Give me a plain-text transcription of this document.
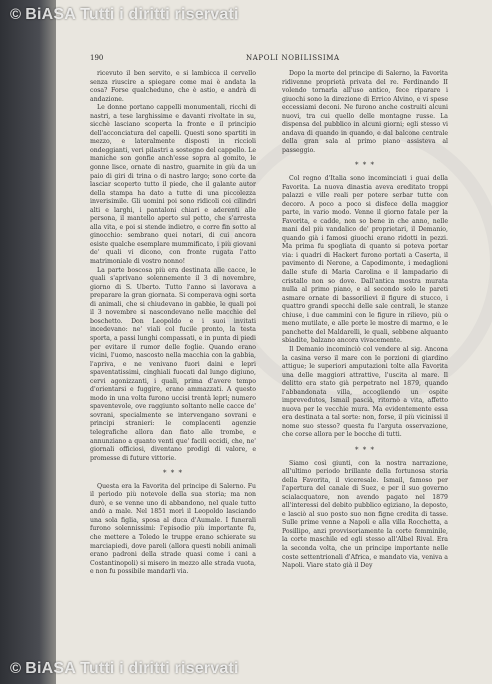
190	NAPOLI NOBILISSIMA

ricevuto il ben servito, e si lambicca il cervello senza riuscire a spiegare come mai è andata la cosa? Forse qualcheduno, che è astio, e andrà di andazione.

Le donne portano cappelli monumentali, ricchi di nastri, a tese larghissime e davanti rivoltate in su, sicchè lasciano scoperta la fronte e il principio dell'acconciatura del capelli. Questi sono spartiti in mezzo, e lateralmente disposti in riccioli ondeggianti, veri pilastri a sostegno del cappello. Le maniche son gonfie anch'esse sopra al gomito, le gonne lisce, ornate di nastro, guarnite in giù da un paio di giri di trina o di nastro largo; sono corte da lasciar scoperto tutto il piede, che il galante autor della stampa ha dato a tutte di una piccolezza inverisimile. Gli uomini poi sono ridicoli coi cilindri alti e larghi, i pantaloni chiari e aderenti alle persona, il mantello aperto sul petto, che s'arresta alla vita, e poi si stende indietro, e corre fin sotto al ginocchio: sembrano quei notari, di cui ancora esiste qualche esemplare mummificato, i più giovani de' quali vi dicono, con fronte rugata l'atto matrimoniale di vostro nonno!

La parte boscosa più era destinata alle cacce, le quali s'aprivano solennemente il 3 di novembre, giorno di S. Uberto. Tutto l'anno si lavorava a preparare la gran giornata. Si comperava ogni sorta di animali, che si chiudevano in gabbie, le quali poi il 3 novembre si nascondevano nelle macchie del boschetto. Don Leopoldo e i suoi invitati incedevano: ne' viali col fucile pronto, la testa sporta, a passi lunghi compassati, e in punta di piedi per evitare il rumor delle foglie. Quando erano vicini, l'uomo, nascosto nella macchia con la gabbia, l'apriva, e ne venivano fuori daini e lepri spaventatissimi, cinghiali fuocati dal lungo digiuno, cervi agonizzanti, i quali, prima d'avere tempo d'orientarsi e fuggire, erano ammazzati. A questo modo in una volta furono uccisi trentà lepri; numero spaventevole, ove raggiunto soltanto nelle cacce de' sovrani, specialmente se intervengano sovrani e principi stranieri: le complacenti agenzie telegrafiche allora dan fiato alle trombe, e annunziano a quanto venti que' facili eccidi, che, ne' giornali officiosi, diventano prodigi di valore, e promesse di future vittorie.

* * *

Questa era la Favorita del principe di Salerno. Fu il periodo più notevole della sua storia; ma non durò, e se venne uno di abbandono, nel quale tutto andò a male. Nel 1851 morì il Leopoldo lasciando una sola figlia, sposa al duca d'Aumale. I funerali furono solennissimi: l'episodio più importante fu, che mettere a Toledo le truppe erano schierate su marciapiedi, dove pareli (allora questi nobili animali erano padroni della strade quasi come i cani a Costantinopoli) si misero in mezzo alle strada vuota, e non fu possibile mandarli via.

Dopo la morte del principe di Salerno, la Favorita ridivenne proprietà privata del re. Ferdinando II volendo tornarla all'uso antico, fece riparare i giuochi sono la direzione di Errico Alvino, e vi spese eccessiami deconi. Ne furono anche costruiti alcuni nuovi, tra cui quello delle montagne russe. La dispensa del pubblico in alcuni giorni; egli stesso vi andava di quando in quando, e dal balcone centrale della gran sala al primo piano assisteva al passeggio.

* * *

Col regno d'Italia sono incominciati i guai della Favorita. La nuova dinastia aveva ereditato troppi palazzi e ville reali per potere serbar tutte con decoro. A poco a poco si disfece della maggior parte, in vario modo. Venne il giorno fatale per la Favorita, e cadde, non so bene in che anno, nelle mani del più vandalico de' proprietari, il Demanio, quando già i famosi giuochi erano ridotti in pezzi. Ma prima fu spogliata di quanto si poteva portar via: i quadri di Hackert furono portati a Caserta, il pavimento di Nerone, a Capodimonte, i medaglioni dalle stufe di Maria Carolina e il lampadario di cristallo non so dove. Dall'antica mostra murata nulla al primo piano, e al secondo solo le pareti asmare ornate di bassorilievi il figure di stucco, i quattro grandi specchi delle sale centrali, le stanze chiuse, i due camminì con le figure in rilievo, più o meno mutilate, e alle porte le mostre di marmo, e le panchette del Maldarelli, le quali, sebbene alquanto sbiadite, balzano ancora vivacemente.

Il Demanio incominciò col vendere al sig. Ancona la casina verso il mare con le porzioni di giardino attigue; le superiori amputazioni tolte alla Favorita una delle maggiori attrattive, l'uscita al mare. Il delitto era stato già perpetrato nel 1879, quando l'abbandonata villa, accogliendo un ospite imprevedutos, Ismail pascià, ritornò a vita, affetto nuova per le vecchie mura. Ma evidentemente essa era destinata a tal sorte: non, forse, il più vicinissi il nome suo stesso? questa fu l'arguta osservazione, che corse allora per le bocche di tutti.

* * *

Siamo così giunti, con la nostra narrazione, all'ultimo periodo brillante della fortunosa storia della Favorita, il viceresale. Ismail, famoso per l'apertura del canale di Suez, e per il suo governo scialacquatore, non avendo pagato nel 1879 all'interessi del debito pubblico egiziano, la deposto, e lasciò al suo posto suo non figne credita di tasse. Sulle prime venne a Napoli e alla villa Rocchetta, a Posillipo, anzi provvisoriamente la corte femminile, la corte maschile ed egli stesso all'Albel Rival. Era la seconda volta, che un principe importante nelle coste settentrionali d'Africa, e mandato via, veniva a Napoli. Viare stato già il Dey

© BiASA Tutti i diritti riservati
© BiASA Tutti i diritti riservati
